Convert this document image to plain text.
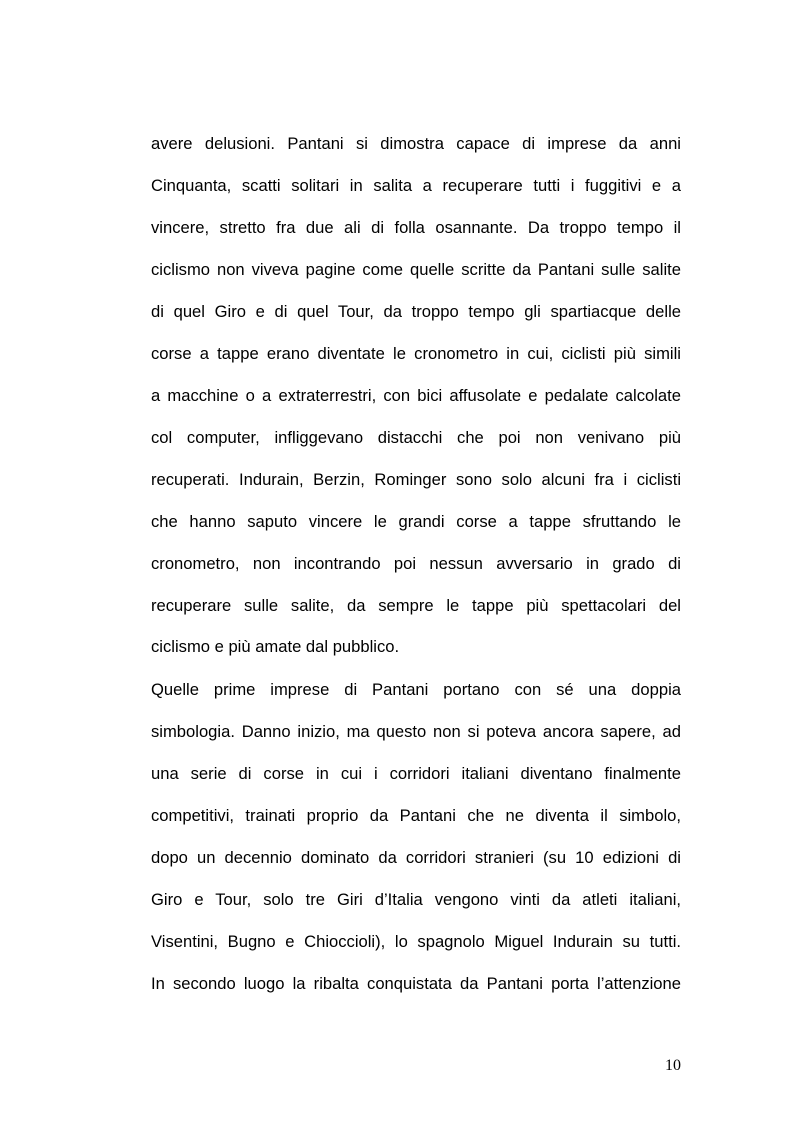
avere delusioni. Pantani si dimostra capace di imprese da anni
Cinquanta, scatti solitari in salita a recuperare tutti i fuggitivi e a
vincere, stretto fra due ali di folla osannante. Da troppo tempo il
ciclismo non viveva pagine come quelle scritte da Pantani sulle salite
di quel Giro e di quel Tour, da troppo tempo gli spartiacque delle
corse a tappe erano diventate le cronometro in cui, ciclisti più simili
a macchine o a extraterrestri, con bici affusolate e pedalate calcolate
col computer, infliggevano distacchi che poi non venivano più
recuperati. Indurain, Berzin, Rominger sono solo alcuni fra i ciclisti
che hanno saputo vincere le grandi corse a tappe sfruttando le
cronometro, non incontrando poi nessun avversario in grado di
recuperare sulle salite, da sempre le tappe più spettacolari del
ciclismo e più amate dal pubblico.
Quelle prime imprese di Pantani portano con sé una doppia
simbologia. Danno inizio, ma questo non si poteva ancora sapere, ad
una serie di corse in cui i corridori italiani diventano finalmente
competitivi, trainati proprio da Pantani che ne diventa il simbolo,
dopo un decennio dominato da corridori stranieri (su 10 edizioni di
Giro e Tour, solo tre Giri d’Italia vengono vinti da atleti italiani,
Visentini, Bugno e Chioccioli), lo spagnolo Miguel Indurain su tutti.
In secondo luogo la ribalta conquistata da Pantani porta l’attenzione
10
